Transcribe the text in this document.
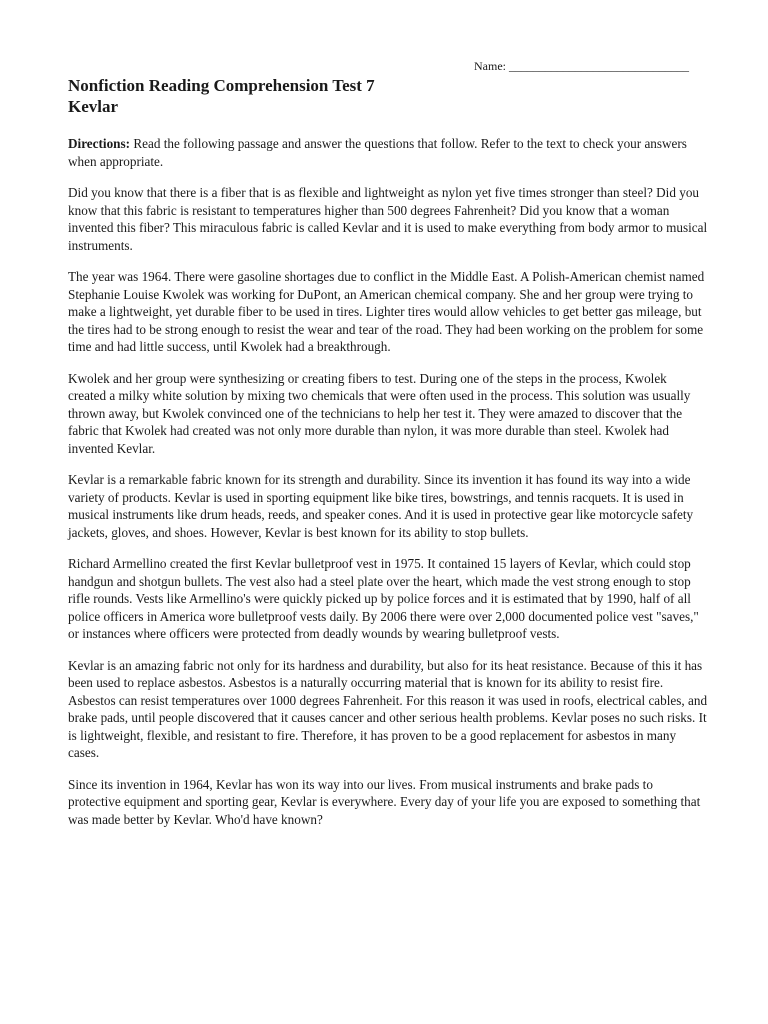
Name: ______________________________
Nonfiction Reading Comprehension Test 7
Kevlar

Directions: Read the following passage and answer the questions that follow. Refer to the text to check your answers when appropriate.

Did you know that there is a fiber that is as flexible and lightweight as nylon yet five times stronger than steel? Did you know that this fabric is resistant to temperatures higher than 500 degrees Fahrenheit? Did you know that a woman invented this fiber? This miraculous fabric is called Kevlar and it is used to make everything from body armor to musical instruments.

The year was 1964. There were gasoline shortages due to conflict in the Middle East. A Polish-American chemist named Stephanie Louise Kwolek was working for DuPont, an American chemical company. She and her group were trying to make a lightweight, yet durable fiber to be used in tires. Lighter tires would allow vehicles to get better gas mileage, but the tires had to be strong enough to resist the wear and tear of the road. They had been working on the problem for some time and had little success, until Kwolek had a breakthrough.

Kwolek and her group were synthesizing or creating fibers to test. During one of the steps in the process, Kwolek created a milky white solution by mixing two chemicals that were often used in the process. This solution was usually thrown away, but Kwolek convinced one of the technicians to help her test it. They were amazed to discover that the fabric that Kwolek had created was not only more durable than nylon, it was more durable than steel. Kwolek had invented Kevlar.

Kevlar is a remarkable fabric known for its strength and durability. Since its invention it has found its way into a wide variety of products. Kevlar is used in sporting equipment like bike tires, bowstrings, and tennis racquets. It is used in musical instruments like drum heads, reeds, and speaker cones. And it is used in protective gear like motorcycle safety jackets, gloves, and shoes. However, Kevlar is best known for its ability to stop bullets.

Richard Armellino created the first Kevlar bulletproof vest in 1975. It contained 15 layers of Kevlar, which could stop handgun and shotgun bullets. The vest also had a steel plate over the heart, which made the vest strong enough to stop rifle rounds. Vests like Armellino's were quickly picked up by police forces and it is estimated that by 1990, half of all police officers in America wore bulletproof vests daily. By 2006 there were over 2,000 documented police vest "saves," or instances where officers were protected from deadly wounds by wearing bulletproof vests.

Kevlar is an amazing fabric not only for its hardness and durability, but also for its heat resistance. Because of this it has been used to replace asbestos. Asbestos is a naturally occurring material that is known for its ability to resist fire. Asbestos can resist temperatures over 1000 degrees Fahrenheit. For this reason it was used in roofs, electrical cables, and brake pads, until people discovered that it causes cancer and other serious health problems. Kevlar poses no such risks. It is lightweight, flexible, and resistant to fire. Therefore, it has proven to be a good replacement for asbestos in many cases.

Since its invention in 1964, Kevlar has won its way into our lives. From musical instruments and brake pads to protective equipment and sporting gear, Kevlar is everywhere. Every day of your life you are exposed to something that was made better by Kevlar. Who'd have known?
